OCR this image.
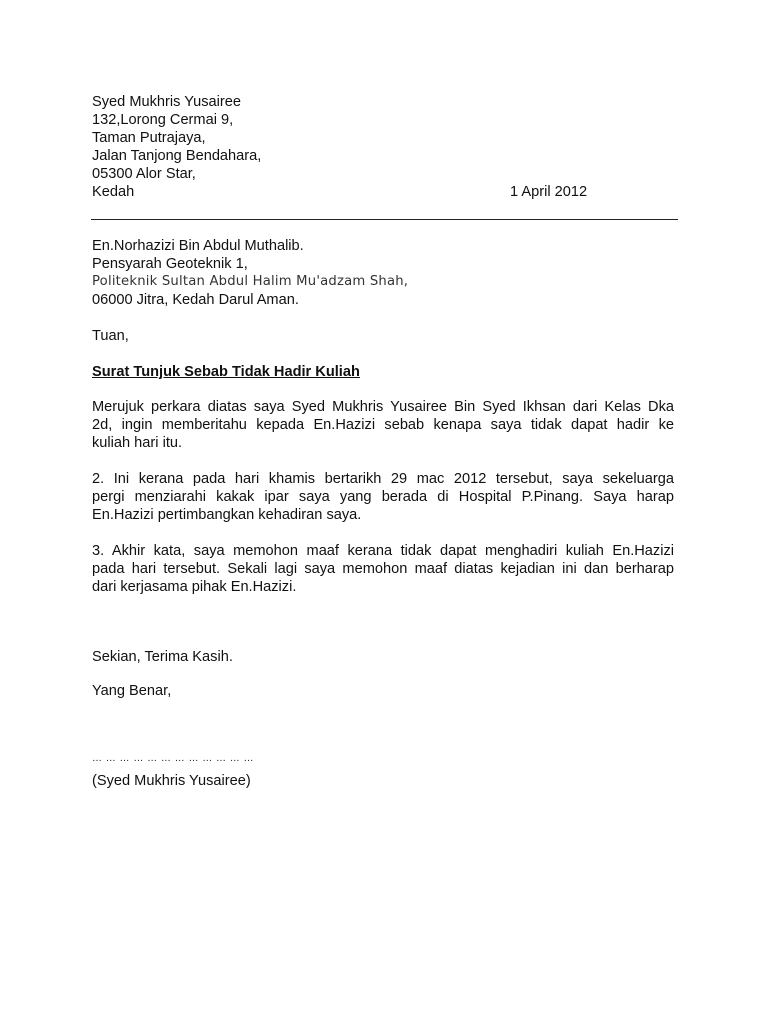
Syed Mukhris Yusairee
132,Lorong Cermai 9,
Taman Putrajaya,
Jalan Tanjong Bendahara,
05300 Alor Star,
Kedah	1 April 2012
En.Norhazizi Bin Abdul Muthalib.
Pensyarah Geoteknik 1,
Politeknik Sultan Abdul Halim Mu'adzam Shah,
06000 Jitra, Kedah Darul Aman.
Tuan,
Surat Tunjuk Sebab Tidak Hadir Kuliah
Merujuk perkara diatas saya Syed Mukhris Yusairee Bin Syed Ikhsan dari Kelas Dka
2d, ingin memberitahu kepada En.Hazizi sebab kenapa saya tidak dapat hadir ke
kuliah hari itu.
2. Ini kerana pada hari khamis bertarikh 29 mac 2012 tersebut, saya sekeluarga
pergi menziarahi kakak ipar saya yang berada di Hospital P.Pinang. Saya harap
En.Hazizi pertimbangkan kehadiran saya.
3. Akhir kata, saya memohon maaf kerana tidak dapat menghadiri kuliah En.Hazizi
pada hari tersebut. Sekali lagi saya memohon maaf diatas kejadian ini dan berharap
dari kerjasama pihak En.Hazizi.
Sekian, Terima Kasih.
Yang Benar,
… … … … … … … … … … … …
(Syed Mukhris Yusairee)
